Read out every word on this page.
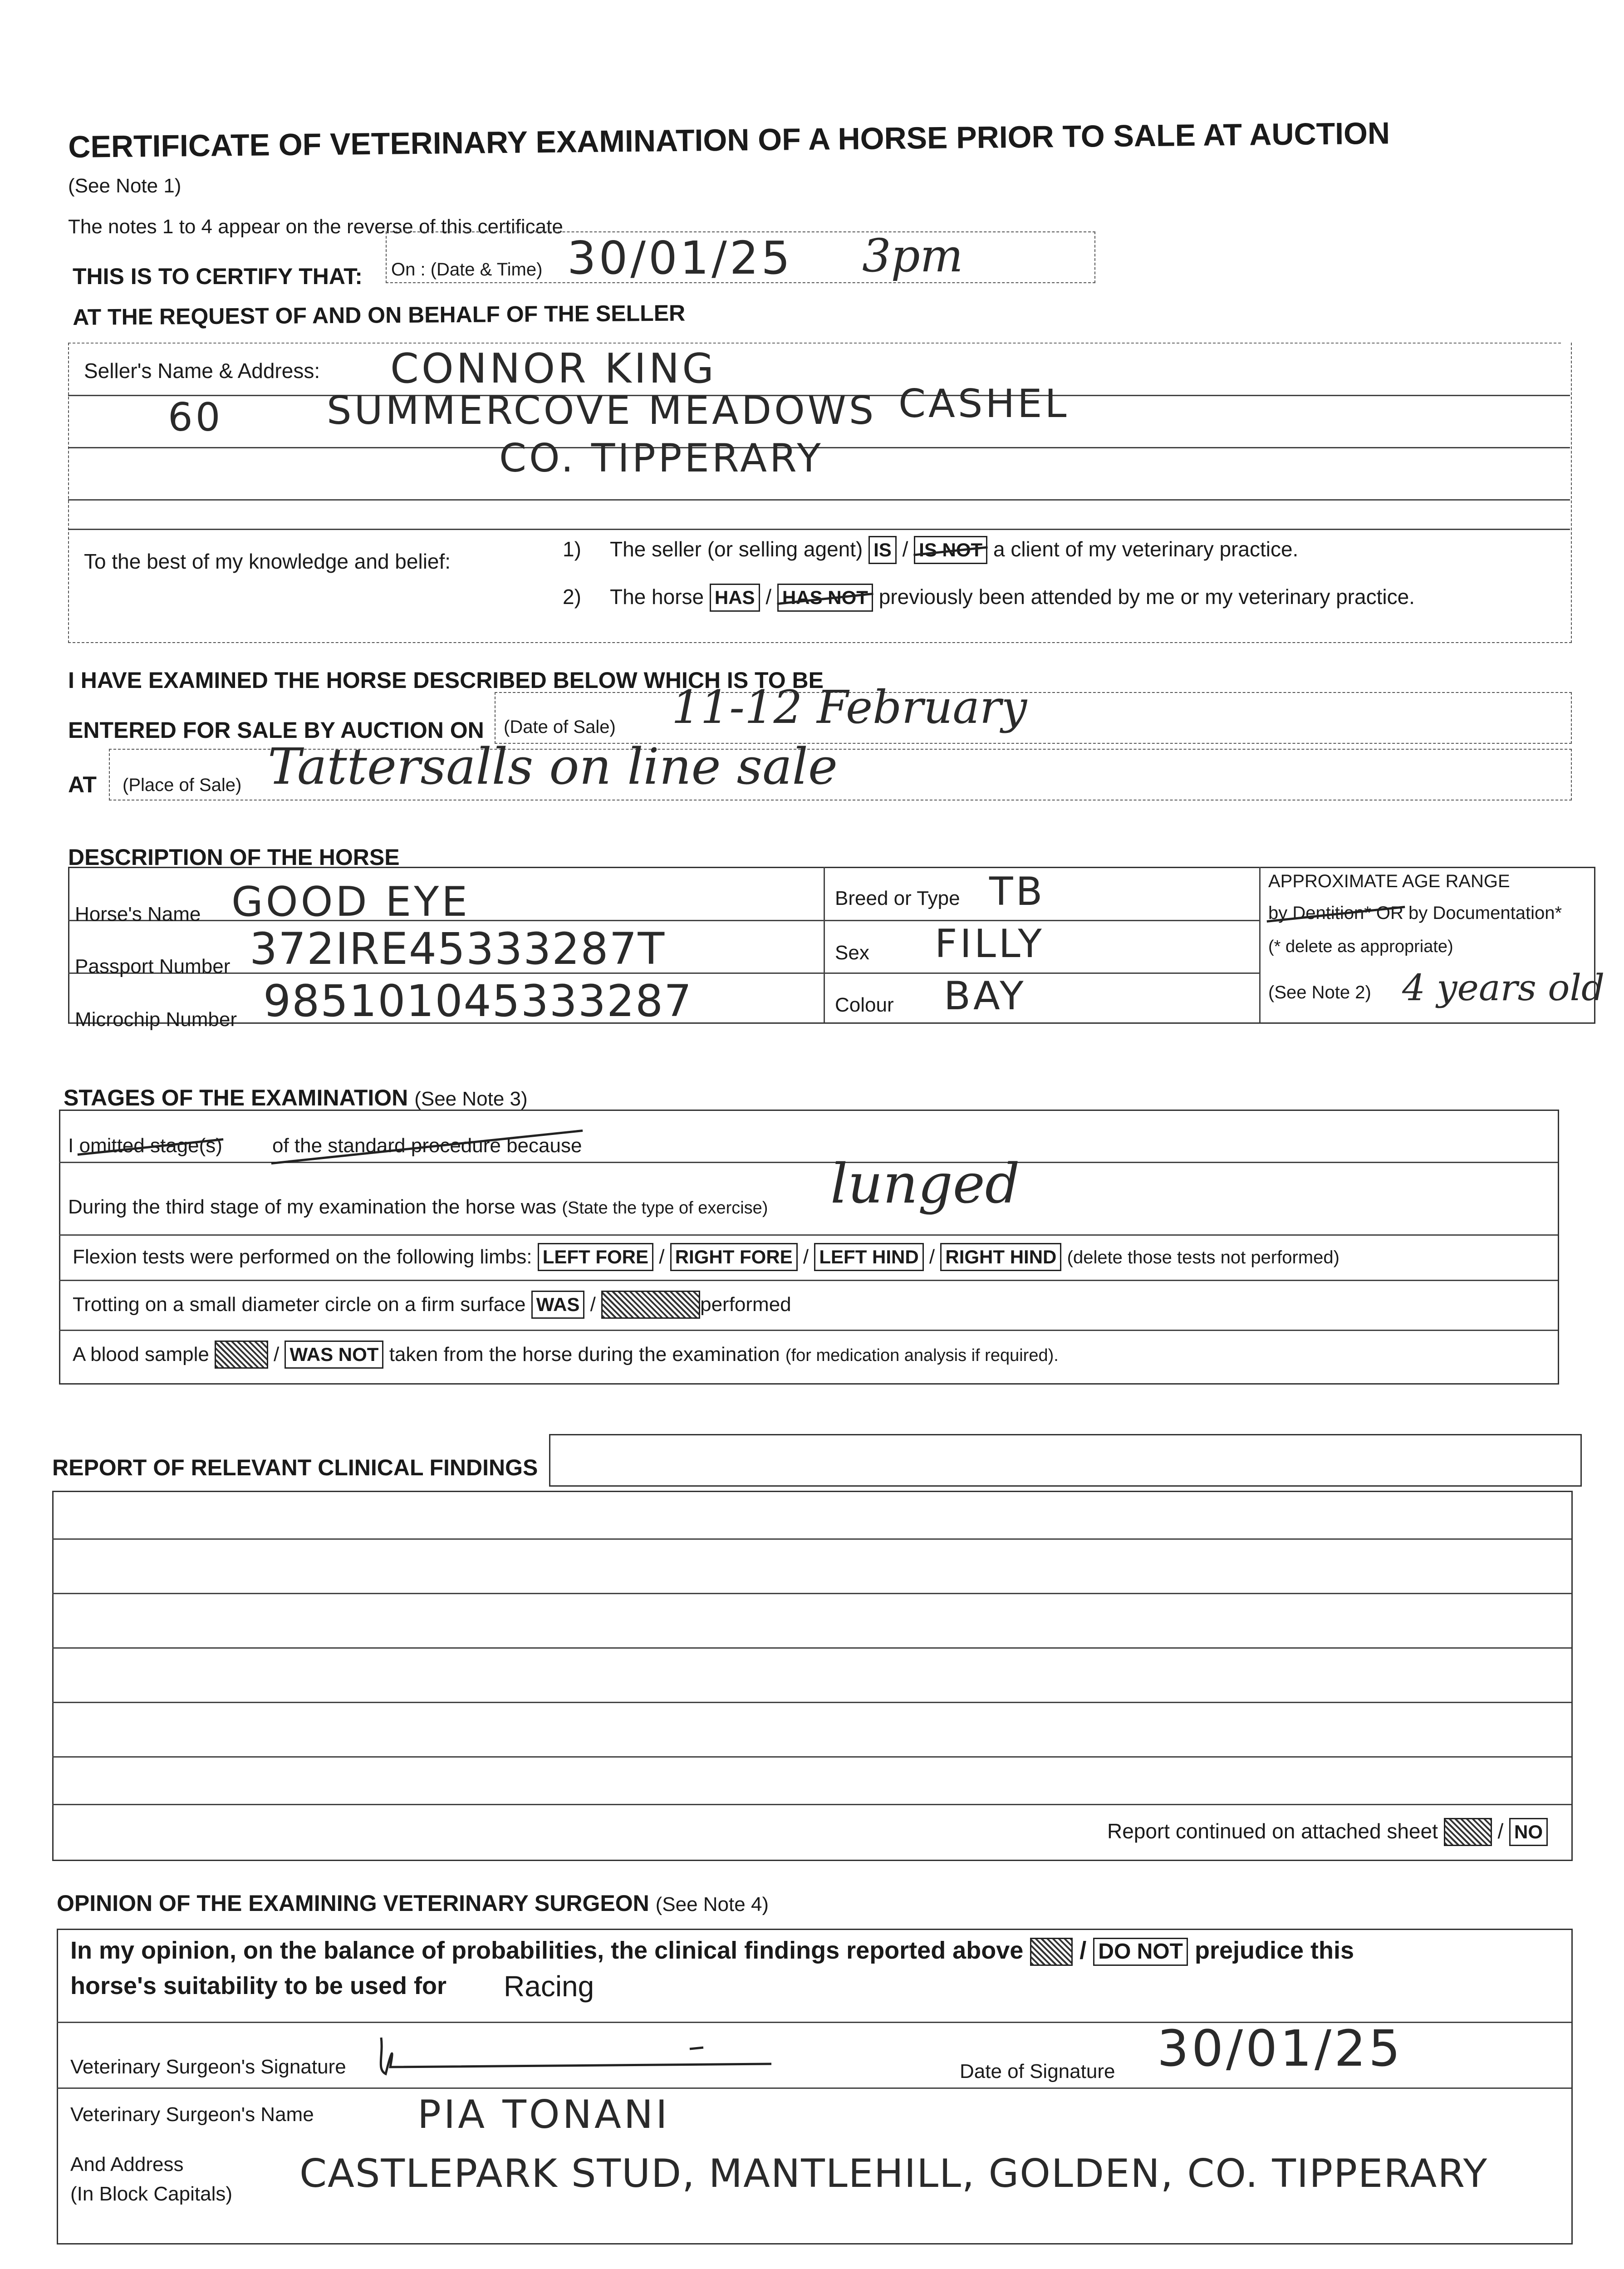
CERTIFICATE OF VETERINARY EXAMINATION OF A HORSE PRIOR TO SALE AT AUCTION
(See Note 1)
The notes 1 to 4 appear on the reverse of this certificate
THIS IS TO CERTIFY THAT: On : (Date & Time) 30/01/25 3pm
AT THE REQUEST OF AND ON BEHALF OF THE SELLER
Seller's Name & Address: CONNOR KING
60	SUMMERCOVE MEADOWS CASHEL
CO. TIPPERARY
To the best of my knowledge and belief:
1) The seller (or selling agent) IS / IS NOT a client of my veterinary practice.
2) The horse HAS / HAS NOT previously been attended by me or my veterinary practice.
I HAVE EXAMINED THE HORSE DESCRIBED BELOW WHICH IS TO BE
ENTERED FOR SALE BY AUCTION ON (Date of Sale) 11-12 February
AT (Place of Sale) Tattersalls on line sale
DESCRIPTION OF THE HORSE
Horse's Name GOOD EYE
Passport Number 372IRE45333287T
Microchip Number 985101045333287
Breed or Type TB
Sex FILLY
Colour BAY
APPROXIMATE AGE RANGE
by Dentition* OR by Documentation*
(* delete as appropriate)
(See Note 2) 4 years old
STAGES OF THE EXAMINATION (See Note 3)
I omitted stage(s)	of the standard procedure because
During the third stage of my examination the horse was (State the type of exercise) lunged
Flexion tests were performed on the following limbs: LEFT FORE / RIGHT FORE / LEFT HIND / RIGHT HIND (delete those tests not performed)
Trotting on a small diameter circle on a firm surface WAS /	performed
A blood sample	/ WAS NOT taken from the horse during the examination (for medication analysis if required).
REPORT OF RELEVANT CLINICAL FINDINGS
Report continued on attached sheet	/ NO
OPINION OF THE EXAMINING VETERINARY SURGEON (See Note 4)
In my opinion, on the balance of probabilities, the clinical findings reported above  / DO NOT prejudice this
horse's suitability to be used for Racing
Veterinary Surgeon's Signature	Date of Signature 30/01/25
Veterinary Surgeon's Name	PIA TONANI
And Address
(In Block Capitals) CASTLEPARK STUD, MANTLEHILL, GOLDEN, CO. TIPPERARY
